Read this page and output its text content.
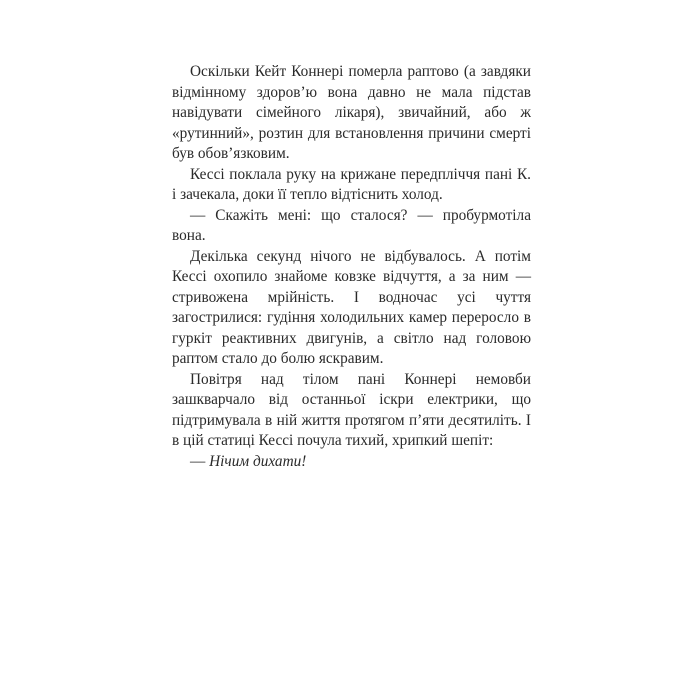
Оскільки Кейт Коннері померла раптово (а завдяки відмінному здоров’ю вона давно не мала підстав навідувати сімейного лікаря), звичайний, або ж «рутинний», розтин для встановлення причини смерті був обов’язковим.

Кессі поклала руку на крижане передпліччя пані К. і зачекала, доки її тепло відтіснить холод.

— Скажіть мені: що сталося? — пробурмотіла вона.

Декілька секунд нічого не відбувалось. А потім Кессі охопило знайоме ковзке відчуття, а за ним — стривожена мрійність. І водночас усі чуття загострилися: гудіння холодильних камер переросло в гуркіт реактивних двигунів, а світло над головою раптом стало до болю яскравим.

Повітря над тілом пані Коннері немовби зашкварчало від останньої іскри електрики, що підтримувала в ній життя протягом п’яти десятиліть. І в цій статиці Кессі почула тихий, хрипкий шепіт:

— Нічим дихати!
